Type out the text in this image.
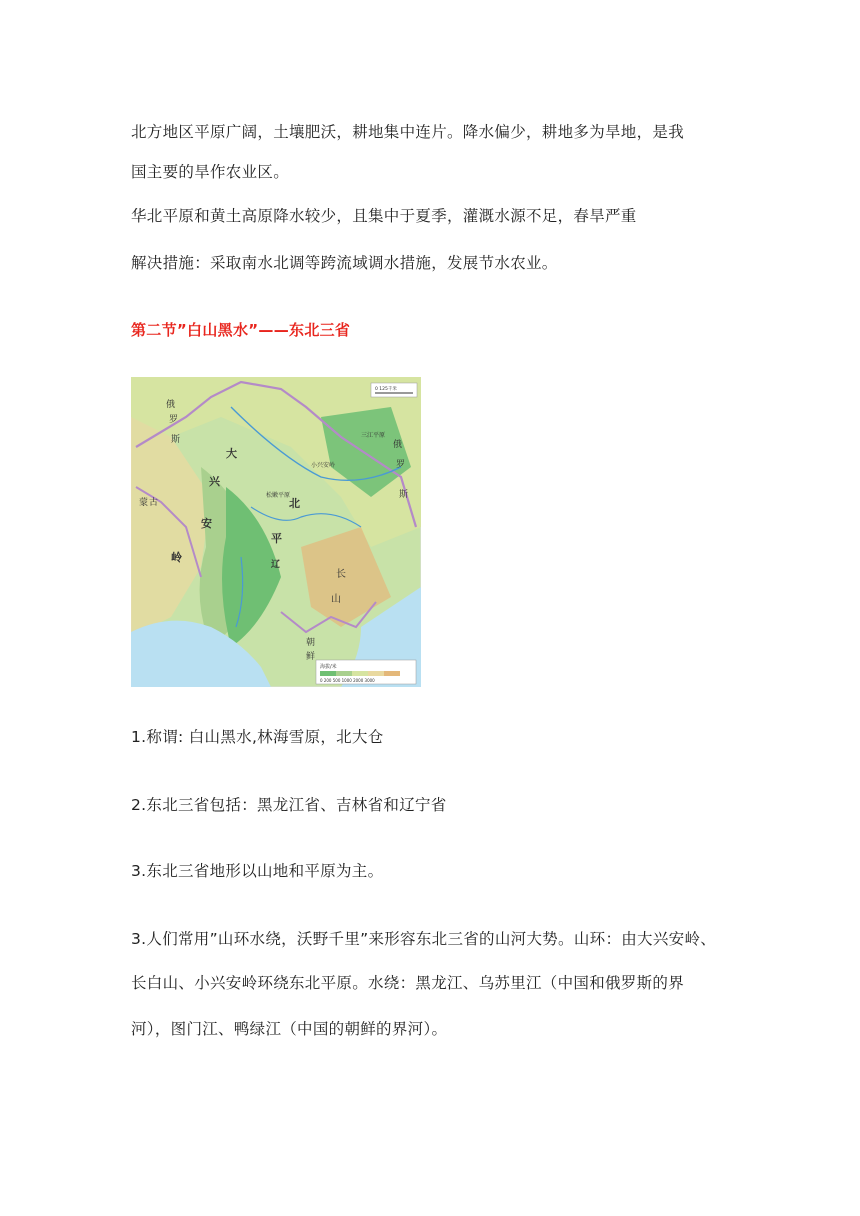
北方地区平原广阔，土壤肥沃，耕地集中连片。降水偏少，耕地多为旱地，是我
国主要的旱作农业区。
华北平原和黄土高原降水较少，且集中于夏季，灌溉水源不足，春旱严重
解决措施：采取南水北调等跨流域调水措施，发展节水农业。
第二节”白山黑水”——东北三省
俄
罗
斯
蒙 古
俄
罗
斯
松嫩平原
小兴安岭
三江平原
长
山
朝
鲜
大
兴
安
岭
北
平
辽
0 125千米
海拔/米
0 200 500 1000 2000 3000
1.称谓: 白山黑水,林海雪原，北大仓
2.东北三省包括：黑龙江省、吉林省和辽宁省
3.东北三省地形以山地和平原为主。
3.人们常用”山环水绕，沃野千里”来形容东北三省的山河大势。山环：由大兴安岭、
长白山、小兴安岭环绕东北平原。水绕：黑龙江、乌苏里江（中国和俄罗斯的界
河），图门江、鸭绿江（中国的朝鲜的界河）。
